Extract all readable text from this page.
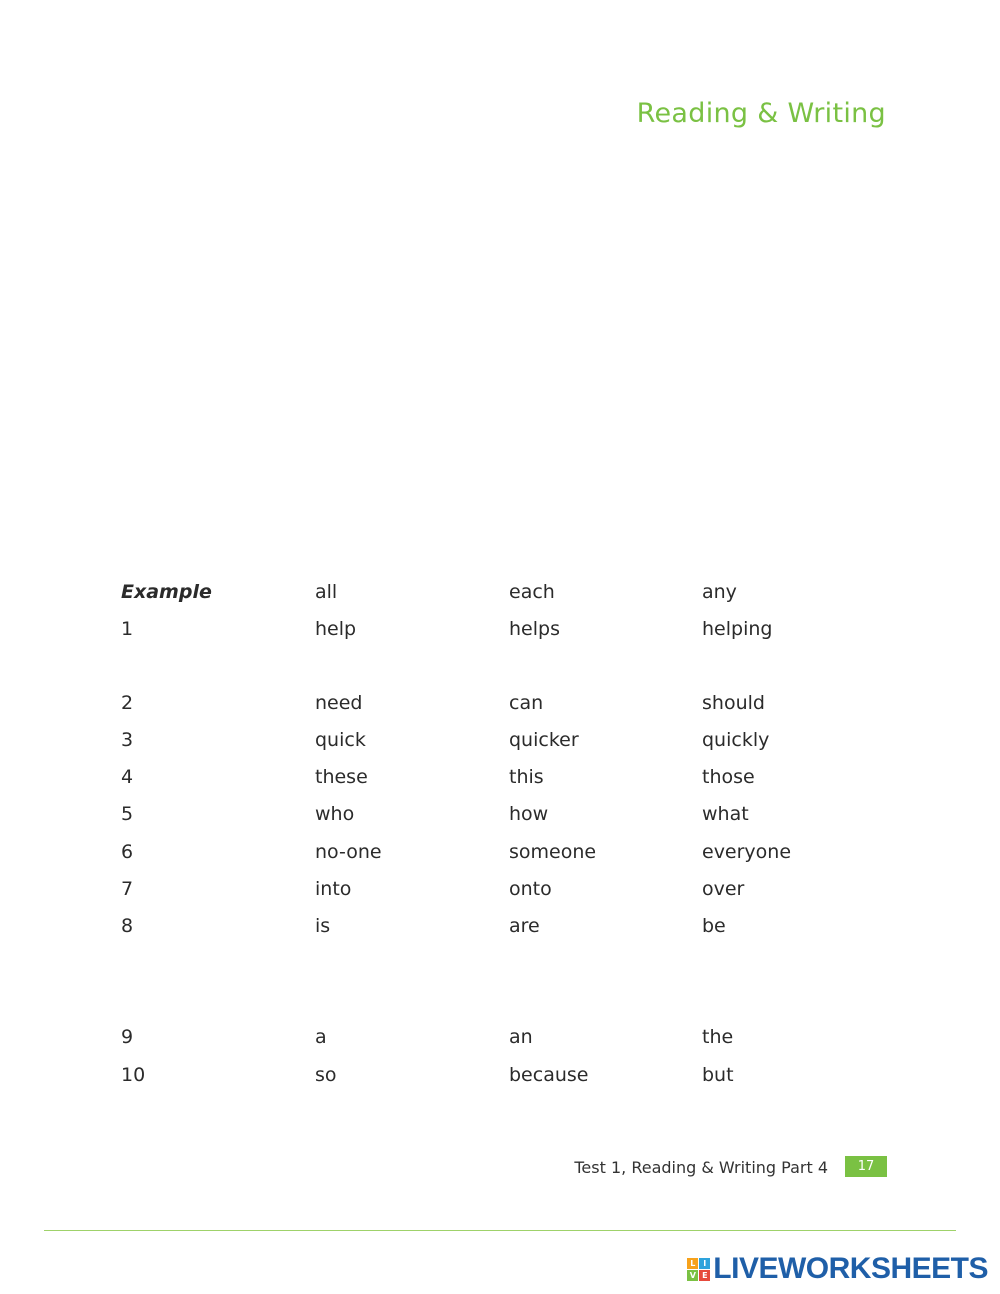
Reading & Writing
Example	all	each	any
1	help	helps	helping
2	need	can	should
3	quick	quicker	quickly
4	these	this	those
5	who	how	what
6	no-one	someone	everyone
7	into	onto	over
8	is	are	be
9	a	an	the
10	so	because	but
Test 1, Reading & Writing Part 4	17
L I
V E LIVEWORKSHEETS
